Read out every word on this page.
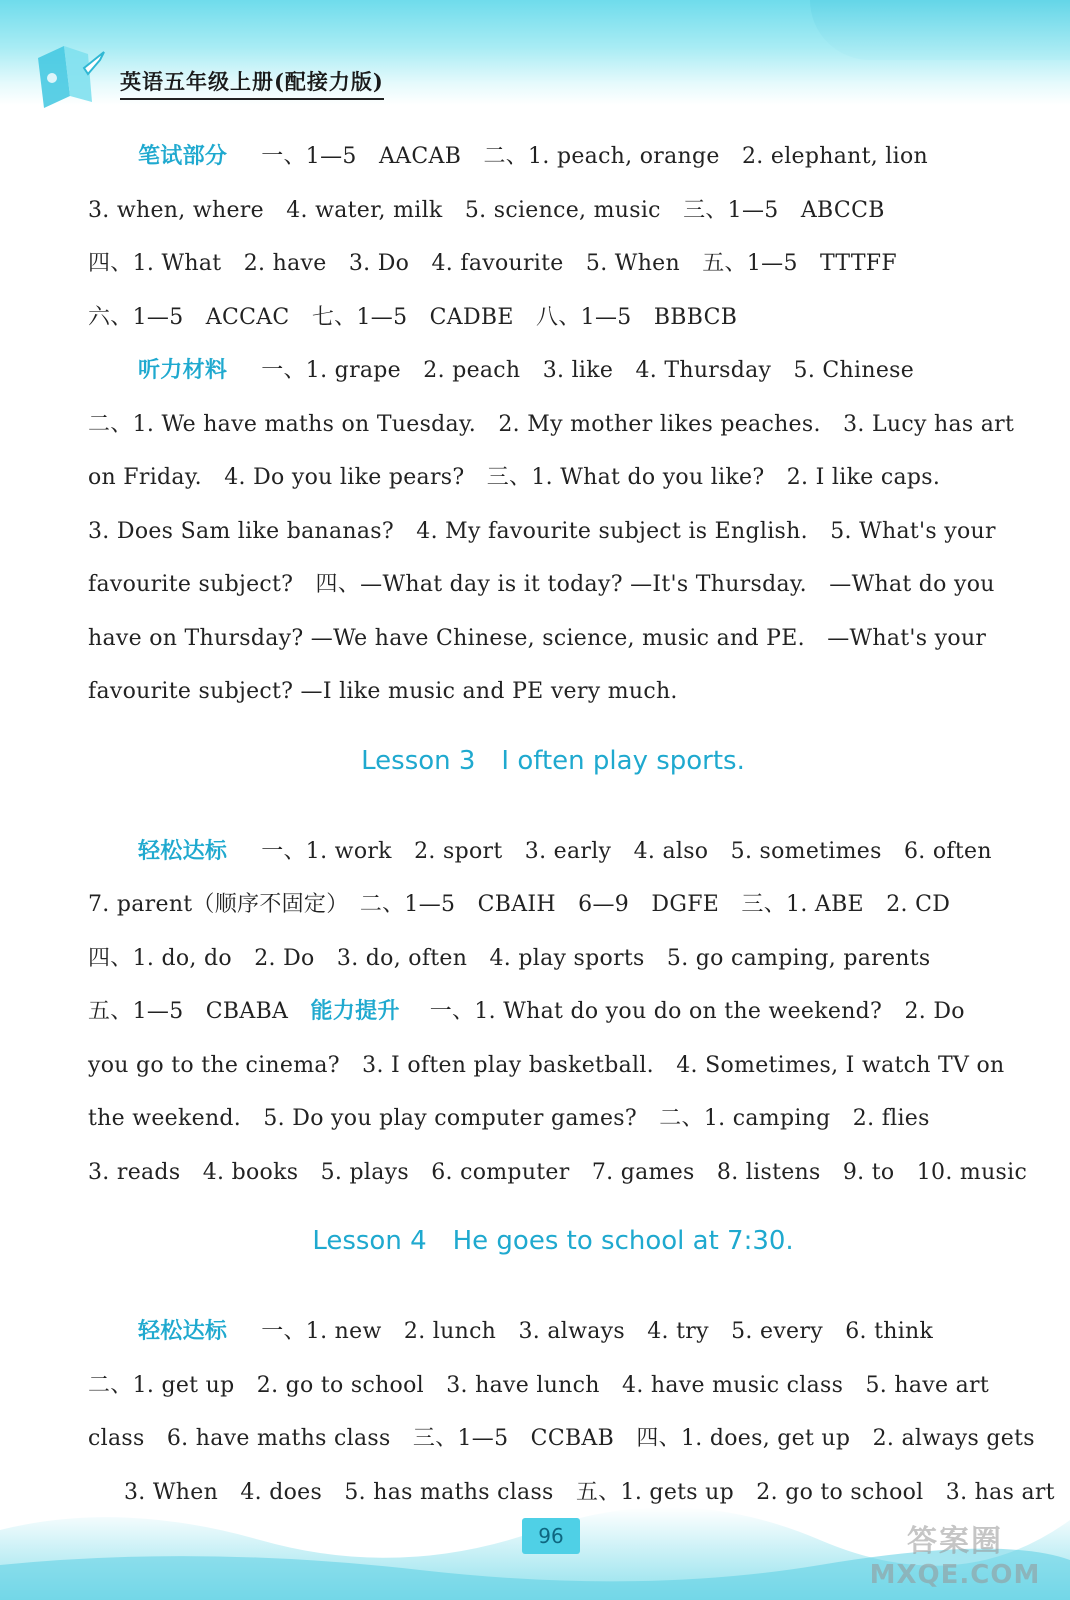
英语五年级上册(配接力版)
笔试部分 一、1—5　AACAB　二、1. peach, orange　2. elephant, lion
3. when, where　4. water, milk　5. science, music　三、1—5　ABCCB
四、1. What　2. have　3. Do　4. favourite　5. When　五、1—5　TTTFF
六、1—5　ACCAC　七、1—5　CADBE　八、1—5　BBBCB
听力材料 一、1. grape　2. peach　3. like　4. Thursday　5. Chinese
二、1. We have maths on Tuesday.　2. My mother likes peaches.　3. Lucy has art
on Friday.　4. Do you like pears?　三、1. What do you like?　2. I like caps.
3. Does Sam like bananas?　4. My favourite subject is English.　5. What's your
favourite subject?　四、—What day is it today? —It's Thursday.　—What do you
have on Thursday? —We have Chinese, science, music and PE.　—What's your
favourite subject? —I like music and PE very much.
Lesson 3　I often play sports.
轻松达标 一、1. work　2. sport　3. early　4. also　5. sometimes　6. often
7. parent（顺序不固定）　二、1—5　CBAIH　6—9　DGFE　三、1. ABE　2. CD
四、1. do, do　2. Do　3. do, often　4. play sports　5. go camping, parents
五、1—5　CBABA　能力提升 一、1. What do you do on the weekend?　2. Do
you go to the cinema?　3. I often play basketball.　4. Sometimes, I watch TV on
the weekend.　5. Do you play computer games?　二、1. camping　2. flies
3. reads　4. books　5. plays　6. computer　7. games　8. listens　9. to　10. music
Lesson 4　He goes to school at 7:30.
轻松达标 一、1. new　2. lunch　3. always　4. try　5. every　6. think
二、1. get up　2. go to school　3. have lunch　4. have music class　5. have art
class　6. have maths class　三、1—5　CCBAB　四、1. does, get up　2. always gets
3. When　4. does　5. has maths class　五、1. gets up　2. go to school　3. has art
96	答案圈
MXQE.COM
